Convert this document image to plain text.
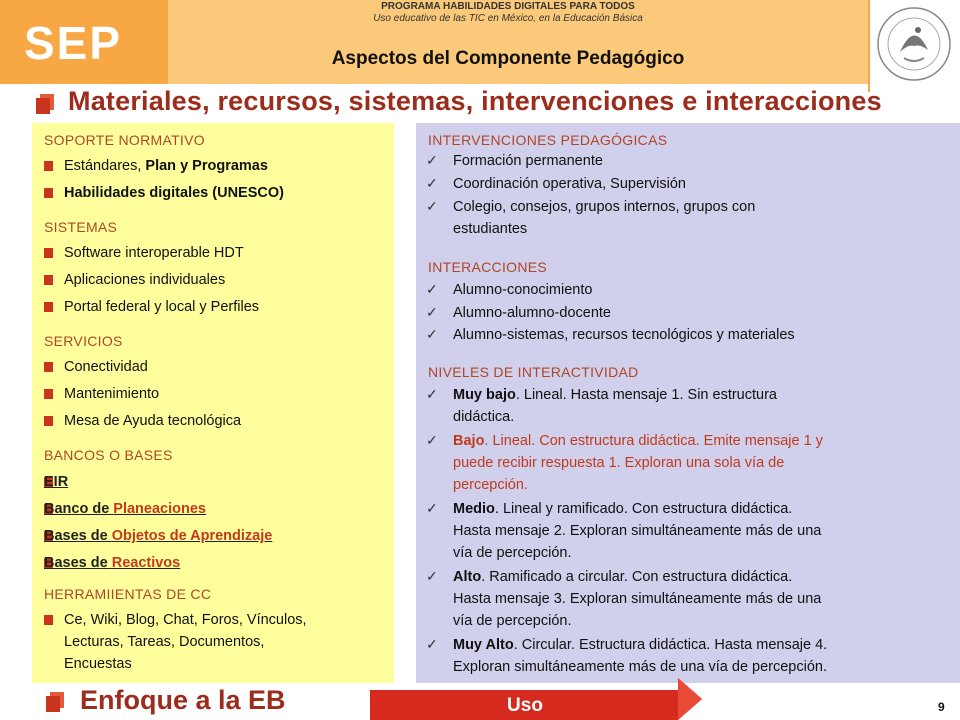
SEP
PROGRAMA HABILIDADES DIGITALES PARA TODOS
Uso educativo de las TIC en México, en la Educación Básica
Aspectos del Componente Pedagógico
Materiales, recursos, sistemas, intervenciones e interacciones
SOPORTE NORMATIVO
Estándares, Plan y Programas
Habilidades digitales (UNESCO)
SISTEMAS
Software interoperable HDT
Aplicaciones individuales
Portal federal y local y Perfiles
SERVICIOS
Conectividad
Mantenimiento
Mesa de Ayuda tecnológica
BANCOS O BASES
EIR
Banco de Planeaciones
Bases de Objetos de Aprendizaje
Bases de Reactivos
HERRAMIIENTAS DE CC
Ce, Wiki, Blog, Chat, Foros, Vínculos,
Lecturas, Tareas, Documentos,
Encuestas
INTERVENCIONES PEDAGÓGICAS
✓ Formación permanente
✓ Coordinación operativa, Supervisión
✓ Colegio, consejos, grupos internos, grupos con
estudiantes
INTERACCIONES
✓ Alumno-conocimiento
✓ Alumno-alumno-docente
✓ Alumno-sistemas, recursos tecnológicos y materiales
NIVELES DE INTERACTIVIDAD
✓ Muy bajo. Lineal. Hasta mensaje 1. Sin estructura
didáctica.
✓ Bajo. Lineal. Con estructura didáctica. Emite mensaje 1 y
puede recibir respuesta 1. Exploran una sola vía de
percepción.
✓ Medio. Lineal y ramificado. Con estructura didáctica.
Hasta mensaje 2. Exploran simultáneamente más de una
vía de percepción.
✓ Alto. Ramificado a circular. Con estructura didáctica.
Hasta mensaje 3. Exploran simultáneamente más de una
vía de percepción.
✓ Muy Alto. Circular. Estructura didáctica. Hasta mensaje 4.
Exploran simultáneamente más de una vía de percepción.
Enfoque a la EB	Uso	9
